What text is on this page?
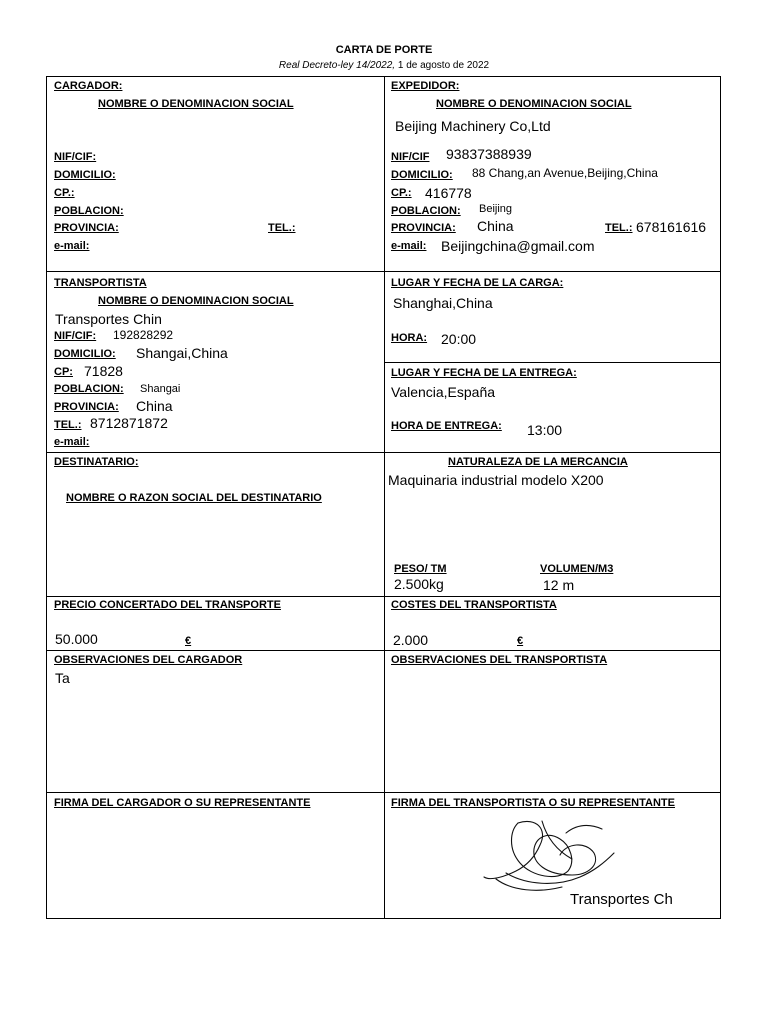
CARTA DE PORTE
Real Decreto-ley 14/2022, 1 de agosto de 2022
CARGADOR:
NOMBRE O DENOMINACION SOCIAL
NIF/CIF:
DOMICILIO:
CP.:
POBLACION:
PROVINCIA:	TEL.:
e-mail:
EXPEDIDOR:
NOMBRE O DENOMINACION SOCIAL
Beijing Machinery Co,Ltd
NIF/CIF 93837388939
DOMICILIO: 88 Chang,an Avenue,Beijing,China
CP.: 416778
POBLACION: Beijing
PROVINCIA: China	TEL.: 678161616
e-mail: Beijingchina@gmail.com
TRANSPORTISTA
NOMBRE O DENOMINACION SOCIAL
Transportes Chin
NIF/CIF: 192828292
DOMICILIO: Shangai,China
CP: 71828
POBLACION: Shangai
PROVINCIA: China
TEL.: 8712871872
e-mail:
LUGAR Y FECHA DE LA CARGA:
Shanghai,China
HORA: 20:00
LUGAR Y FECHA DE LA ENTREGA:
Valencia,España
HORA DE ENTREGA: 13:00
DESTINATARIO:
NOMBRE O RAZON SOCIAL DEL DESTINATARIO
NATURALEZA DE LA MERCANCIA
Maquinaria industrial modelo X200
PESO/ TM
2.500kg
VOLUMEN/M3
12 m
PRECIO CONCERTADO DEL TRANSPORTE
50.000	€
COSTES DEL TRANSPORTISTA
2.000	€
OBSERVACIONES DEL CARGADOR
Ta
OBSERVACIONES DEL TRANSPORTISTA
FIRMA DEL CARGADOR O SU REPRESENTANTE	FIRMA DEL TRANSPORTISTA O SU REPRESENTANTE
Transportes Ch
